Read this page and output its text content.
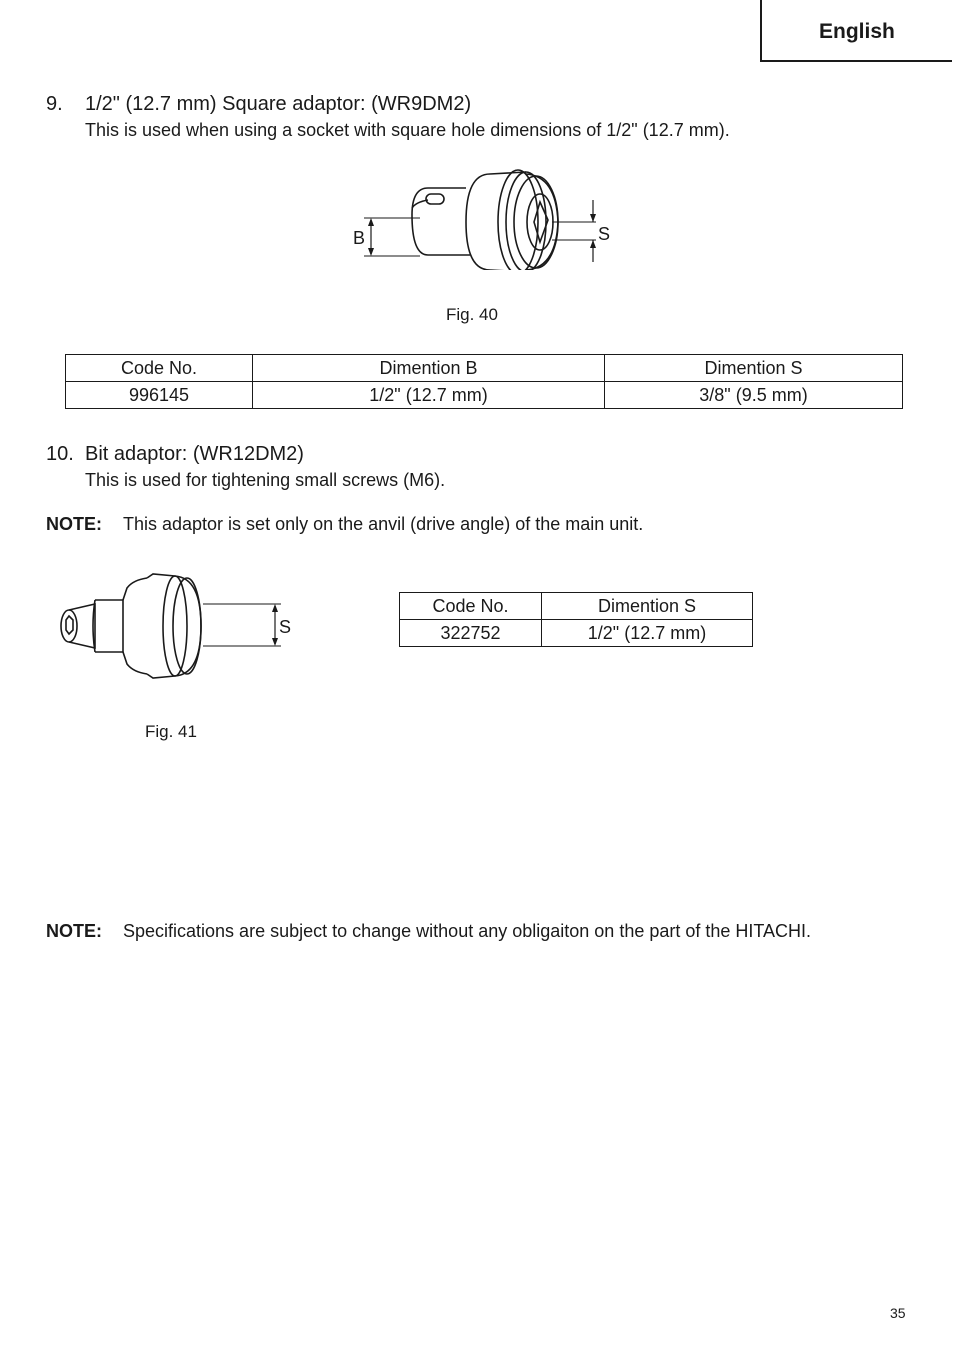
English
9. 1/2" (12.7 mm) Square adaptor: (WR9DM2)
This is used when using a socket with square hole dimensions of 1/2" (12.7 mm).
B	S
Fig. 40
Code No.	Dimention B	Dimention S
996145	1/2" (12.7 mm)	3/8" (9.5 mm)
10. Bit adaptor: (WR12DM2)
This is used for tightening small screws (M6).
NOTE: This adaptor is set only on the anvil (drive angle) of the main unit.
S
Fig. 41
Code No.	Dimention S
322752	1/2" (12.7 mm)
NOTE: Specifications are subject to change without any obligaiton on the part of the HITACHI.
35
